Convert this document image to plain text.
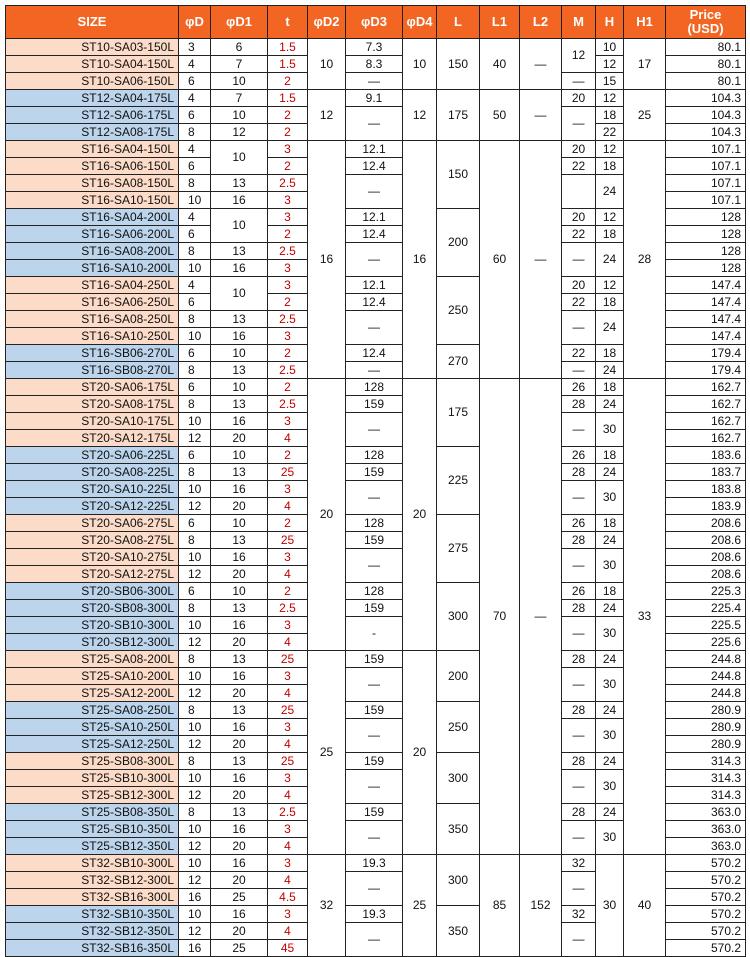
SIZE	φD	φD1	t	φD2	φD3	φD4	L	L1	L2	M	H	H1	Price
(USD)
ST10-SA03-150L	3	6	1.5	10	7.3	10	150	40	—	12	10	17	80.1
ST10-SA04-150L	4	7	1.5		8.3						12		80.1
ST10-SA06-150L	6	10	2		—					—	15		80.1
ST12-SA04-175L	4	7	1.5	12	9.1	12	175	50	—	20	12	25	104.3
ST12-SA06-175L	6	10	2		—					—	18		104.3
ST12-SA08-175L	8	12	2								22		104.3
ST16-SA04-150L	4	10	3	16	12.1	16	150	60	—	20	12	28	107.1
ST16-SA06-150L	6		2		12.4					22	18		107.1
ST16-SA08-150L	8	13	2.5		—						24		107.1
ST16-SA10-150L	10	16	3										107.1
ST16-SA04-200L	4	10	3		12.1		200			20	12		128
ST16-SA06-200L	6		2		12.4					22	18		128
ST16-SA08-200L	8	13	2.5		—					—	24		128
ST16-SA10-200L	10	16	3										128
ST16-SA04-250L	4	10	3		12.1		250			20	12		147.4
ST16-SA06-250L	6		2		12.4					22	18		147.4
ST16-SA08-250L	8	13	2.5		—					—	24		147.4
ST16-SA10-250L	10	16	3										147.4
ST16-SB06-270L	6	10	2		12.4		270			22	18		179.4
ST16-SB08-270L	8	13	2.5		—					—	24		179.4
ST20-SA06-175L	6	10	2	20	128	20	175	70	—	26	18	33	162.7
ST20-SA08-175L	8	13	2.5		159					28	24		162.7
ST20-SA10-175L	10	16	3		—					—	30		162.7
ST20-SA12-175L	12	20	4										162.7
ST20-SA06-225L	6	10	2		128		225			26	18		183.6
ST20-SA08-225L	8	13	25		159					28	24		183.7
ST20-SA10-225L	10	16	3		—					—	30		183.8
ST20-SA12-225L	12	20	4										183.9
ST20-SA06-275L	6	10	2		128		275			26	18		208.6
ST20-SA08-275L	8	13	25		159					28	24		208.6
ST20-SA10-275L	10	16	3		—					—	30		208.6
ST20-SA12-275L	12	20	4										208.6
ST20-SB06-300L	6	10	2		128		300			26	18		225.3
ST20-SB08-300L	8	13	2.5		159					28	24		225.4
ST20-SB10-300L	10	16	3		-					—	30		225.5
ST20-SB12-300L	12	20	4										225.6
ST25-SA08-200L	8	13	25	25	159	20	200			28	24		244.8
ST25-SA10-200L	10	16	3		—					—	30		244.8
ST25-SA12-200L	12	20	4										244.8
ST25-SA08-250L	8	13	25		159		250			28	24		280.9
ST25-SA10-250L	10	16	3		—					—	30		280.9
ST25-SA12-250L	12	20	4										280.9
ST25-SB08-300L	8	13	25		159		300			28	24		314.3
ST25-SB10-300L	10	16	3		—					—	30		314.3
ST25-SB12-300L	12	20	4										314.3
ST25-SB08-350L	8	13	2.5		159		350			28	24		363.0
ST25-SB10-350L	10	16	3		—					—	30		363.0
ST25-SB12-350L	12	20	4										363.0
ST32-SB10-300L	10	16	3	32	19.3	25	300	85	152	32	30	40	570.2
ST32-SB12-300L	12	20	4		—					—			570.2
ST32-SB16-300L	16	25	4.5										570.2
ST32-SB10-350L	10	16	3		19.3		350			32			570.2
ST32-SB12-350L	12	20	4		—					—			570.2
ST32-SB16-350L	16	25	45										570.2
